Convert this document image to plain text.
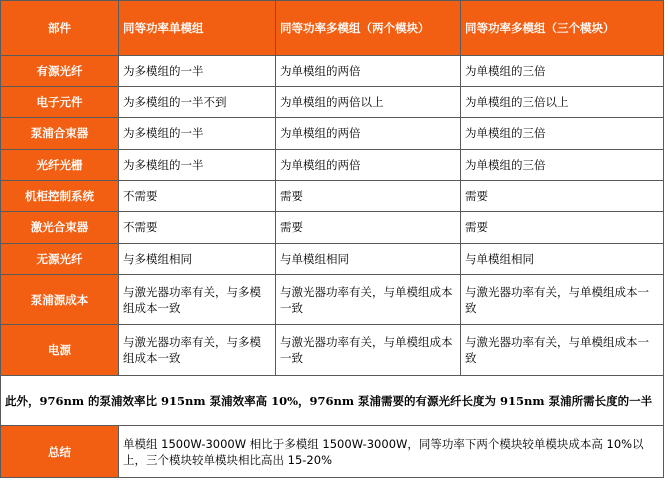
部件	同等功率单模组	同等功率多模组（两个模块）	同等功率多模组（三个模块）
有源光纤	为多模组的一半	为单模组的两倍	为单模组的三倍
电子元件	为多模组的一半不到	为单模组的两倍以上	为单模组的三倍以上
泵浦合束器	为多模组的一半	为单模组的两倍	为单模组的三倍
光纤光栅	为多模组的一半	为单模组的两倍	为单模组的三倍
机柜控制系统	不需要	需要	需要
激光合束器	不需要	需要	需要
无源光纤	与多模组相同	与单模组相同	与单模组相同
泵浦源成本	与激光器功率有关，与多模组成本一致	与激光器功率有关，与单模组成本一致	与激光器功率有关，与单模组成本一致
电源	与激光器功率有关，与多模组成本一致	与激光器功率有关，与单模组成本一致	与激光器功率有关，与单模组成本一致
此外，976nm 的泵浦效率比 915nm 泵浦效率高 10%，976nm 泵浦需要的有源光纤长度为 915nm 泵浦所需长度的一半			
总结	单模组 1500W-3000W 相比于多模组 1500W-3000W，同等功率下两个模块较单模块成本高 10%以上，三个模块较单模块相比高出 15-20%		
